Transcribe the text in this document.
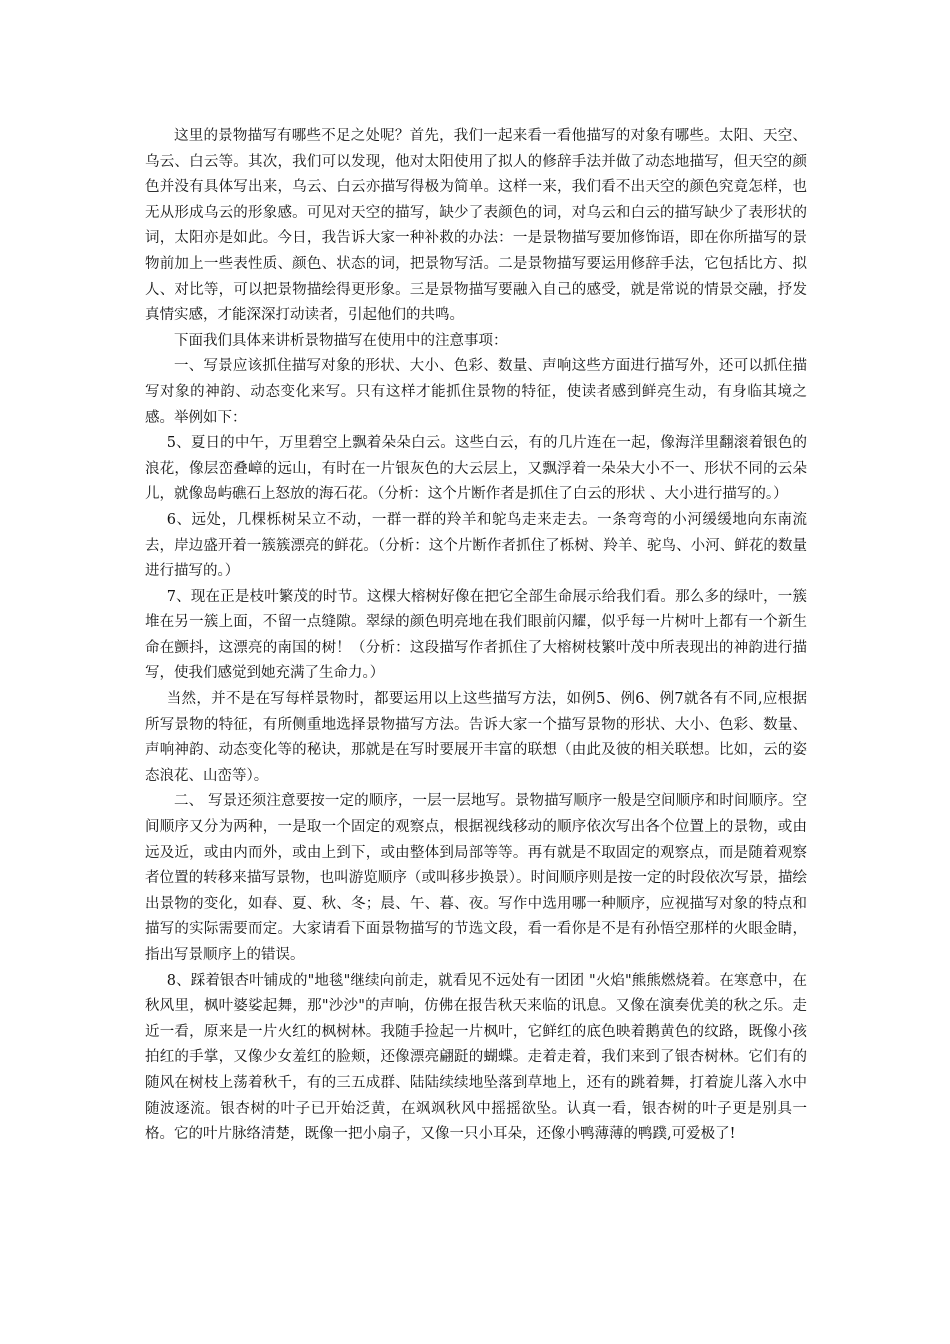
这里的景物描写有哪些不足之处呢？首先，我们一起来看一看他描写的对象有哪些。太阳、天空、乌云、白云等。其次，我们可以发现，他对太阳使用了拟人的修辞手法并做了动态地描写，但天空的颜色并没有具体写出来，乌云、白云亦描写得极为简单。这样一来，我们看不出天空的颜色究竟怎样，也无从形成乌云的形象感。可见对天空的描写，缺少了表颜色的词，对乌云和白云的描写缺少了表形状的词，太阳亦是如此。今日，我告诉大家一种补救的办法：一是景物描写要加修饰语，即在你所描写的景物前加上一些表性质、颜色、状态的词，把景物写活。二是景物描写要运用修辞手法，它包括比方、拟人、对比等，可以把景物描绘得更形象。三是景物描写要融入自己的感受，就是常说的情景交融，抒发真情实感，才能深深打动读者，引起他们的共鸣。

下面我们具体来讲析景物描写在使用中的注意事项：

一、写景应该抓住描写对象的形状、大小、色彩、数量、声响这些方面进行描写外，还可以抓住描写对象的神韵、动态变化来写。只有这样才能抓住景物的特征，使读者感到鲜亮生动，有身临其境之感。举例如下：

5、夏日的中午，万里碧空上飘着朵朵白云。这些白云，有的几片连在一起，像海洋里翻滚着银色的浪花，像层峦叠嶂的远山，有时在一片银灰色的大云层上，又飘浮着一朵朵大小不一、形状不同的云朵儿，就像岛屿礁石上怒放的海石花。（分析：这个片断作者是抓住了白云的形状 、大小进行描写的。）

6、远处，几棵栎树呆立不动，一群一群的羚羊和鸵鸟走来走去。一条弯弯的小河缓缓地向东南流去，岸边盛开着一簇簇漂亮的鲜花。（分析：这个片断作者抓住了栎树、羚羊、驼鸟、小河、鲜花的数量进行描写的。）

7、现在正是枝叶繁茂的时节。这棵大榕树好像在把它全部生命展示给我们看。那么多的绿叶，一簇堆在另一簇上面，不留一点缝隙。翠绿的颜色明亮地在我们眼前闪耀，似乎每一片树叶上都有一个新生命在颤抖，这漂亮的南国的树！（分析：这段描写作者抓住了大榕树枝繁叶茂中所表现出的神韵进行描写，使我们感觉到她充满了生命力。）

当然，并不是在写每样景物时，都要运用以上这些描写方法，如例5、例6、例7就各有不同,应根据所写景物的特征，有所侧重地选择景物描写方法。告诉大家一个描写景物的形状、大小、色彩、数量、声响神韵、动态变化等的秘诀，那就是在写时要展开丰富的联想（由此及彼的相关联想。比如，云的姿态浪花、山峦等）。

二、 写景还须注意要按一定的顺序，一层一层地写。景物描写顺序一般是空间顺序和时间顺序。空间顺序又分为两种，一是取一个固定的观察点，根据视线移动的顺序依次写出各个位置上的景物，或由远及近，或由内而外，或由上到下，或由整体到局部等等。再有就是不取固定的观察点，而是随着观察者位置的转移来描写景物，也叫游览顺序（或叫移步换景）。时间顺序则是按一定的时段依次写景，描绘出景物的变化，如春、夏、秋、冬；晨、午、暮、夜。写作中选用哪一种顺序，应视描写对象的特点和描写的实际需要而定。大家请看下面景物描写的节选文段，看一看你是不是有孙悟空那样的火眼金睛，指出写景顺序上的错误。

8、踩着银杏叶铺成的"地毯"继续向前走，就看见不远处有一团团 "火焰"熊熊燃烧着。在寒意中，在秋风里，枫叶婆娑起舞，那"沙沙"的声响，仿佛在报告秋天来临的讯息。又像在演奏优美的秋之乐。走近一看，原来是一片火红的枫树林。我随手捡起一片枫叶，它鲜红的底色映着鹅黄色的纹路，既像小孩拍红的手掌，又像少女羞红的脸颊，还像漂亮翩跹的蝴蝶。走着走着，我们来到了银杏树林。它们有的随风在树枝上荡着秋千，有的三五成群、陆陆续续地坠落到草地上，还有的跳着舞，打着旋儿落入水中随波逐流。银杏树的叶子已开始泛黄，在飒飒秋风中摇摇欲坠。认真一看，银杏树的叶子更是别具一格。它的叶片脉络清楚，既像一把小扇子，又像一只小耳朵，还像小鸭薄薄的鸭蹼,可爱极了!
